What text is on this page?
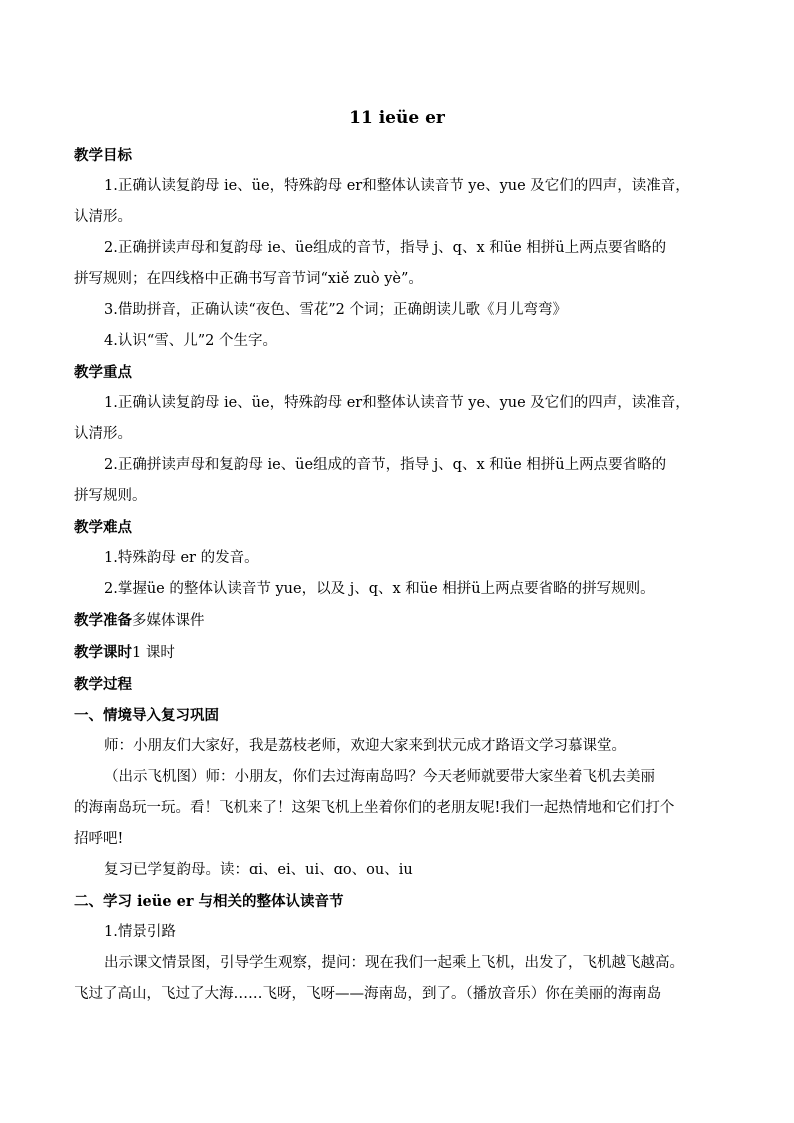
11 ieüe er

教学目标

1.正确认读复韵母 ie、üe，特殊韵母 er和整体认读音节 ye、yue 及它们的四声，读准音，

认清形。

2.正确拼读声母和复韵母 ie、üe组成的音节，指导 j、q、x 和üe 相拼ü上两点要省略的

拼写规则；在四线格中正确书写音节词“xiě zuò yè”。

3.借助拼音，正确认读“夜色、雪花”2 个词；正确朗读儿歌《月儿弯弯》

4.认识“雪、儿”2 个生字。

教学重点

1.正确认读复韵母 ie、üe，特殊韵母 er和整体认读音节 ye、yue 及它们的四声，读准音，

认清形。

2.正确拼读声母和复韵母 ie、üe组成的音节，指导 j、q、x 和üe 相拼ü上两点要省略的

拼写规则。

教学难点

1.特殊韵母 er 的发音。

2.掌握üe 的整体认读音节 yue，以及 j、q、x 和üe 相拼ü上两点要省略的拼写规则。

教学准备多媒体课件

教学课时1 课时

教学过程

一、情境导入复习巩固

师：小朋友们大家好，我是荔枝老师，欢迎大家来到状元成才路语文学习慕课堂。

（出示飞机图）师：小朋友，你们去过海南岛吗？今天老师就要带大家坐着飞机去美丽

的海南岛玩一玩。看！飞机来了！这架飞机上坐着你们的老朋友呢!我们一起热情地和它们打个

招呼吧!

复习已学复韵母。读：ɑi、ei、ui、ɑo、ou、iu

二、学习 ieüe er 与相关的整体认读音节

1.情景引路

出示课文情景图，引导学生观察，提问：现在我们一起乘上飞机，出发了，飞机越飞越高。

飞过了高山，飞过了大海……飞呀，飞呀——海南岛，到了。（播放音乐）你在美丽的海南岛
